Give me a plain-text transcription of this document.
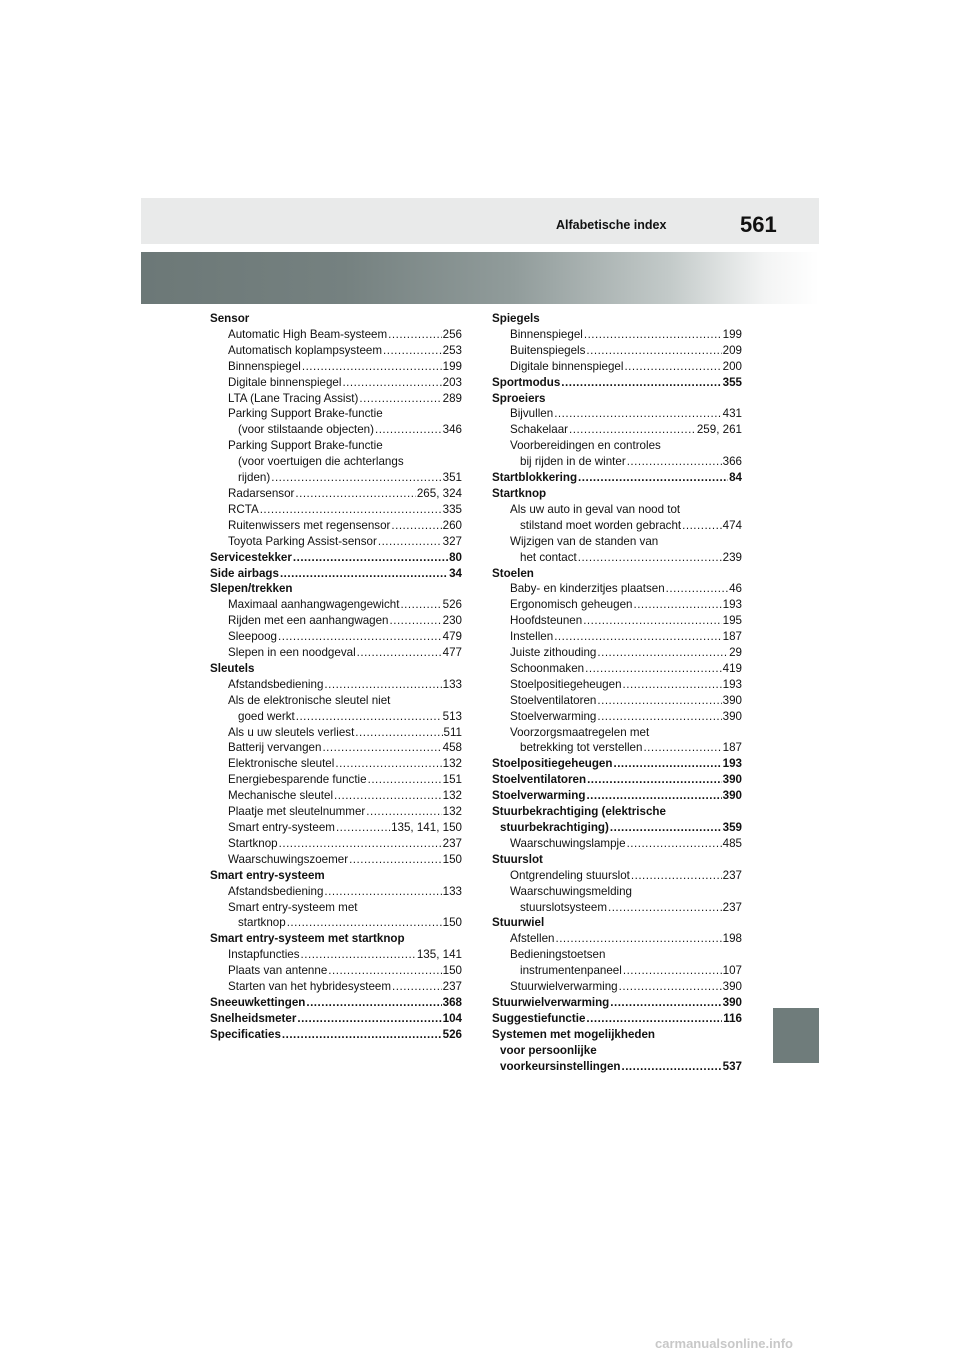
Alfabetische index	561
Sensor
Automatic High Beam-systeem .....	256
Automatisch koplampsysteem .....	253
Binnenspiegel .....	199
Digitale binnenspiegel .....	203
LTA (Lane Tracing Assist) .....	289
Parking Support Brake-functie
(voor stilstaande objecten) .....	346
Parking Support Brake-functie
(voor voertuigen die achterlangs
rijden) .....	351
Radarsensor .....	265, 324
RCTA .....	335
Ruitenwissers met regensensor .....	260
Toyota Parking Assist-sensor .....	327
Servicestekker .....	80
Side airbags .....	34
Slepen/trekken
Maximaal aanhangwagengewicht .....	526
Rijden met een aanhangwagen .....	230
Sleepoog .....	479
Slepen in een noodgeval .....	477
Sleutels
Afstandsbediening .....	133
Als de elektronische sleutel niet
goed werkt .....	513
Als u uw sleutels verliest .....	511
Batterij vervangen .....	458
Elektronische sleutel .....	132
Energiebesparende functie .....	151
Mechanische sleutel .....	132
Plaatje met sleutelnummer .....	132
Smart entry-systeem .....	135, 141, 150
Startknop .....	237
Waarschuwingszoemer .....	150
Smart entry-systeem
Afstandsbediening .....	133
Smart entry-systeem met
startknop .....	150
Smart entry-systeem met startknop
Instapfuncties .....	135, 141
Plaats van antenne .....	150
Starten van het hybridesysteem .....	237
Sneeuwkettingen .....	368
Snelheidsmeter .....	104
Specificaties .....	526
Spiegels
Binnenspiegel .....	199
Buitenspiegels .....	209
Digitale binnenspiegel .....	200
Sportmodus .....	355
Sproeiers
Bijvullen .....	431
Schakelaar .....	259, 261
Voorbereidingen en controles
bij rijden in de winter .....	366
Startblokkering .....	84
Startknop
Als uw auto in geval van nood tot
stilstand moet worden gebracht .....	474
Wijzigen van de standen van
het contact .....	239
Stoelen
Baby- en kinderzitjes plaatsen .....	46
Ergonomisch geheugen .....	193
Hoofdsteunen .....	195
Instellen .....	187
Juiste zithouding .....	29
Schoonmaken .....	419
Stoelpositiegeheugen .....	193
Stoelventilatoren .....	390
Stoelverwarming .....	390
Voorzorgsmaatregelen met
betrekking tot verstellen .....	187
Stoelpositiegeheugen .....	193
Stoelventilatoren .....	390
Stoelverwarming .....	390
Stuurbekrachtiging (elektrische
stuurbekrachtiging) .....	359
Waarschuwingslampje .....	485
Stuurslot
Ontgrendeling stuurslot .....	237
Waarschuwingsmelding
stuurslotsysteem .....	237
Stuurwiel
Afstellen .....	198
Bedieningstoetsen
instrumentenpaneel .....	107
Stuurwielverwarming .....	390
Stuurwielverwarming .....	390
Suggestiefunctie .....	116
Systemen met mogelijkheden
voor persoonlijke
voorkeursinstellingen .....	537
carmanualsonline.info
